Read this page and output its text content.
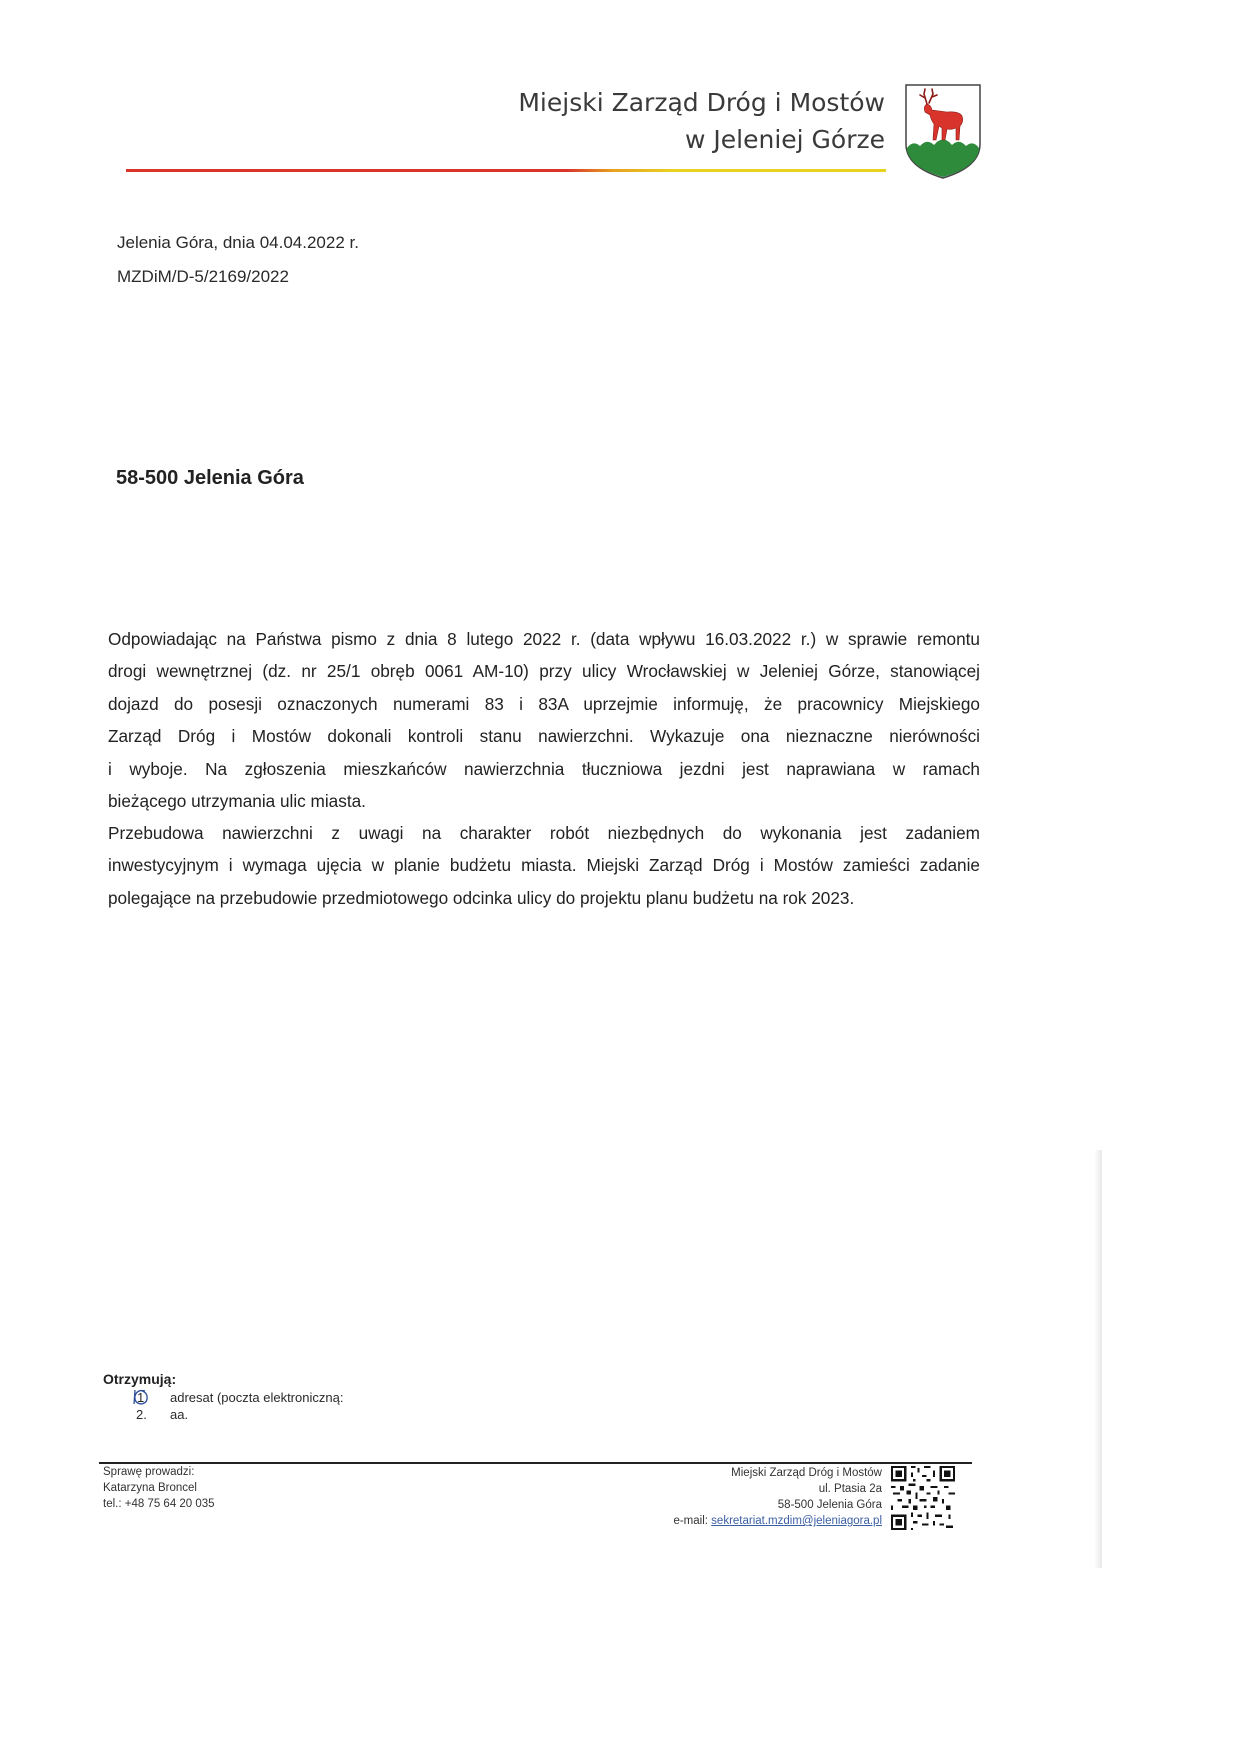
Miejski Zarząd Dróg i Mostów
w Jeleniej Górze
Jelenia Góra, dnia 04.04.2022 r.
MZDiM/D-5/2169/2022
58-500 Jelenia Góra
Odpowiadając na Państwa pismo z dnia 8 lutego 2022 r. (data wpływu 16.03.2022 r.) w sprawie remontu
drogi wewnętrznej (dz. nr 25/1 obręb 0061 AM-10) przy ulicy Wrocławskiej w Jeleniej Górze, stanowiącej
dojazd do posesji oznaczonych numerami 83 i 83A uprzejmie informuję, że pracownicy Miejskiego
Zarząd Dróg i Mostów dokonali kontroli stanu nawierzchni. Wykazuje ona nieznaczne nierówności
i wyboje. Na zgłoszenia mieszkańców nawierzchnia tłuczniowa jezdni jest naprawiana w ramach
bieżącego utrzymania ulic miasta.
Przebudowa nawierzchni z uwagi na charakter robót niezbędnych do wykonania jest zadaniem
inwestycyjnym i wymaga ujęcia w planie budżetu miasta. Miejski Zarząd Dróg i Mostów zamieści zadanie
polegające na przebudowie przedmiotowego odcinka ulicy do projektu planu budżetu na rok 2023.
Otrzymują:
1 adresat (poczta elektroniczną:
2. aa.
Sprawę prowadzi:
Katarzyna Broncel
tel.: +48 75 64 20 035
Miejski Zarząd Dróg i Mostów
ul. Ptasia 2a
58-500 Jelenia Góra
e-mail: sekretariat.mzdim@jeleniagora.pl
